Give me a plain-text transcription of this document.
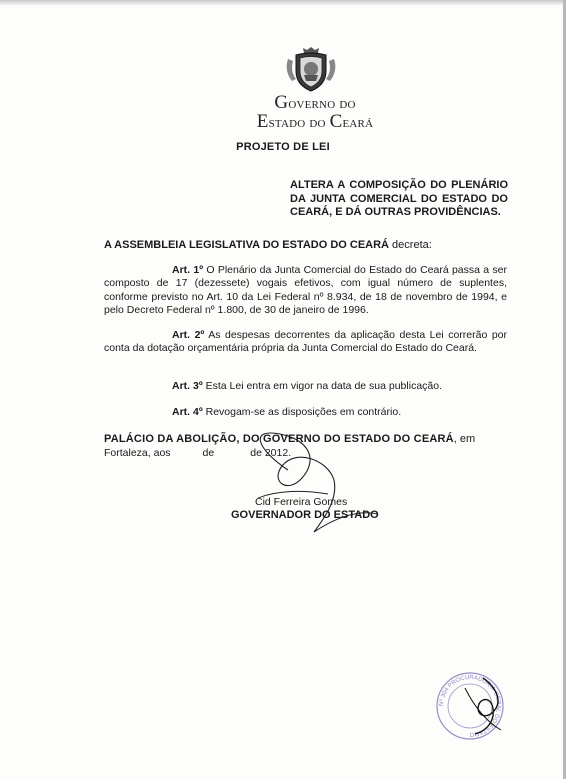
Governo do
Estado do Ceará
PROJETO DE LEI
ALTERA A COMPOSIÇÃO DO PLENÁRIO DA JUNTA COMERCIAL DO ESTADO DO CEARÁ, E DÁ OUTRAS PROVIDÊNCIAS.
A ASSEMBLEIA LEGISLATIVA DO ESTADO DO CEARÁ decreta:
Art. 1º O Plenário da Junta Comercial do Estado do Ceará passa a ser composto de 17 (dezessete) vogais efetivos, com igual número de suplentes, conforme previsto no Art. 10 da Lei Federal nº 8.934, de 18 de novembro de 1994, e pelo Decreto Federal nº 1.800, de 30 de janeiro de 1996.
Art. 2º As despesas decorrentes da aplicação desta Lei correrão por conta da dotação orçamentária própria da Junta Comercial do Estado do Ceará.
Art. 3º Esta Lei entra em vigor na data de sua publicação.
Art. 4º Revogam-se as disposições em contrário.
PALÁCIO DA ABOLIÇÃO, DO GOVERNO DO ESTADO DO CEARÁ, em
Fortaleza, aos	de	de 2012.
Cid Ferreira Gomes
GOVERNADOR DO ESTADO
Nº 304 PROCURADORIA GERAL DO ESTADO
